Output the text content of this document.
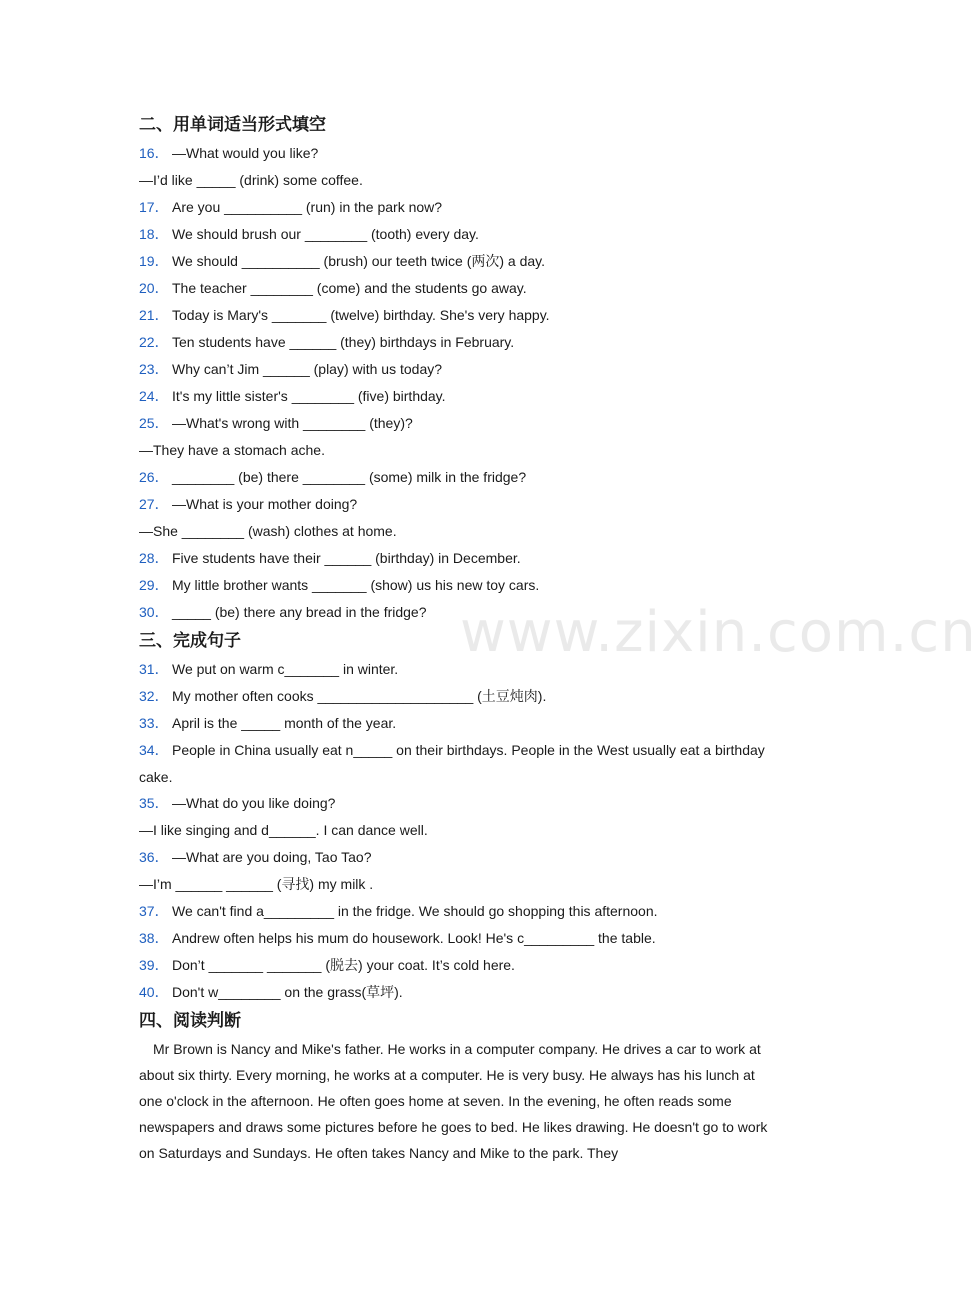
二、用单词适当形式填空
16． —What would you like?
—I’d like _____ (drink) some coffee.
17． Are you __________ (run) in the park now?
18． We should brush our ________ (tooth) every day.
19． We should __________ (brush) our teeth twice (两次) a day.
20． The teacher ________ (come) and the students go away.
21． Today is Mary's _______ (twelve) birthday. She's very happy.
22． Ten students have ______ (they) birthdays in February.
23． Why can’t Jim ______ (play) with us today?
24． It's my little sister's ________ (five) birthday.
25． —What's wrong with ________ (they)?
—They have a stomach ache.
26． ________ (be) there ________ (some) milk in the fridge?
27． —What is your mother doing?
—She ________ (wash) clothes at home.
28． Five students have their ______ (birthday) in December.
29． My little brother wants _______ (show) us his new toy cars.
30． _____ (be) there any bread in the fridge?
三、完成句子
31． We put on warm c_______ in winter.
32． My mother often cooks ____________________ (土豆炖肉).
33． April is the _____ month of the year.
34． People in China usually eat n_____ on their birthdays. People in the West usually eat a birthday cake.
35． —What do you like doing?
—I like singing and d______. I can dance well.
36． —What are you doing, Tao Tao?
—I’m ______ ______ (寻找) my milk .
37． We can't find a_________ in the fridge. We should go shopping this afternoon.
38． Andrew often helps his mum do housework. Look! He's c_________ the table.
39． Don’t _______ _______ (脱去) your coat. It’s cold here.
40． Don't w________ on the grass(草坪).
四、阅读判断
Mr Brown is Nancy and Mike's father. He works in a computer company. He drives a car to work at about six thirty. Every morning, he works at a computer. He is very busy. He always has his lunch at one o'clock in the afternoon. He often goes home at seven. In the evening, he often reads some newspapers and draws some pictures before he goes to bed. He likes drawing. He doesn't go to work on Saturdays and Sundays. He often takes Nancy and Mike to the park. They
www.zixin.com.cn
